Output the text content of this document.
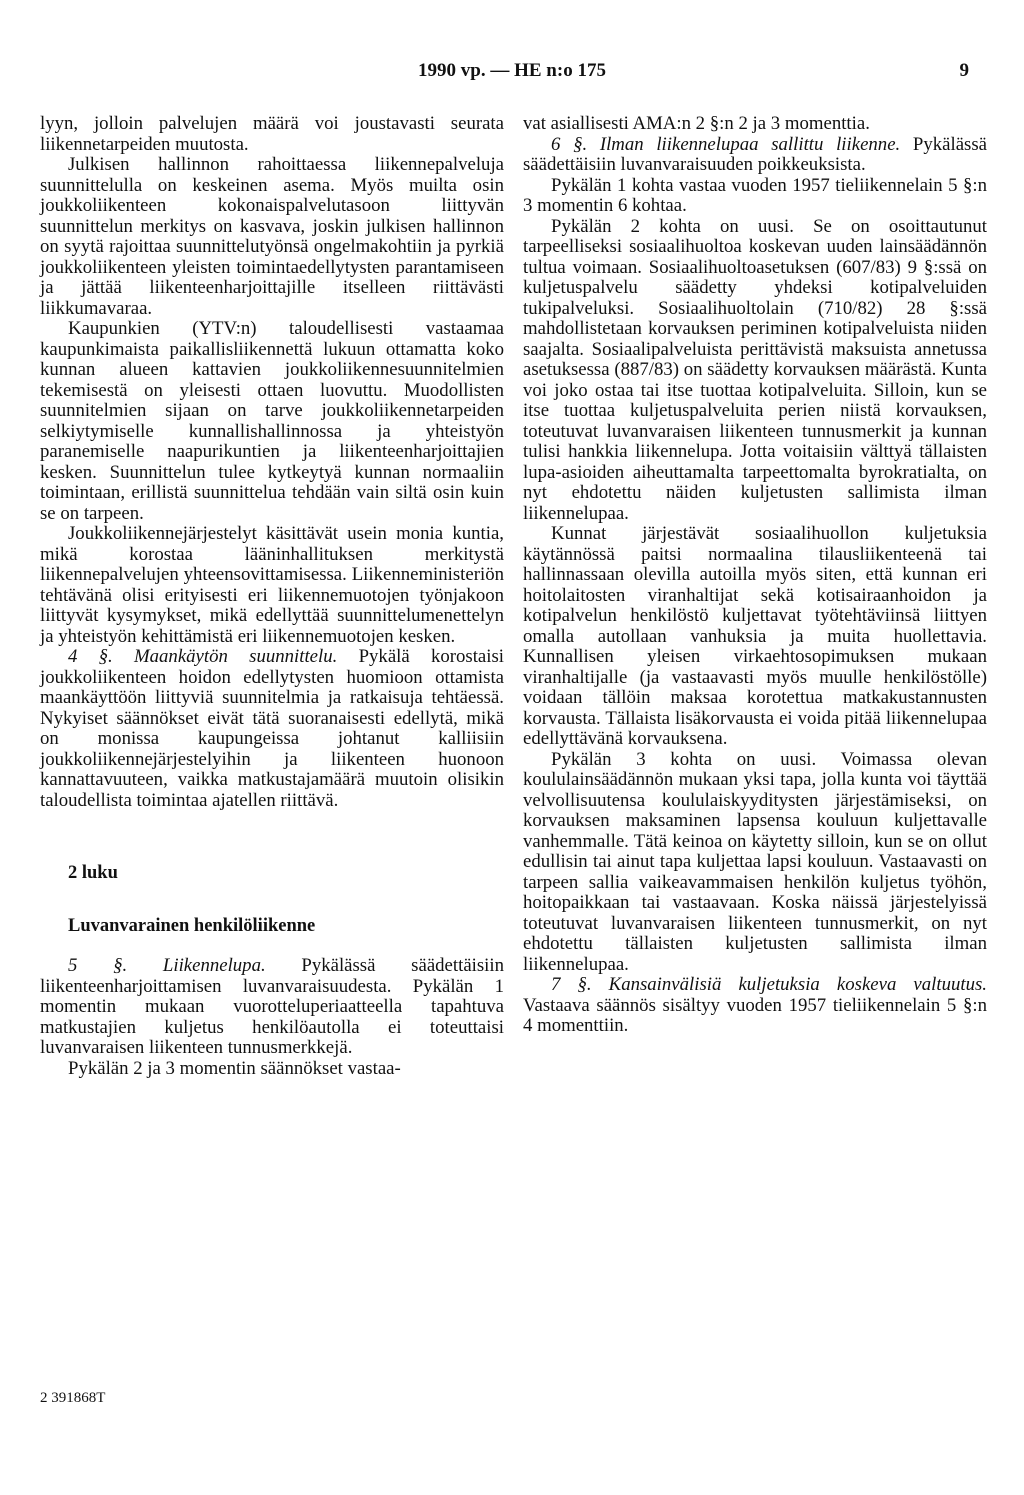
1990 vp. — HE n:o 175	9

lyyn, jolloin palvelujen määrä voi joustavasti seurata liikennetarpeiden muutosta.

Julkisen hallinnon rahoittaessa liikennepalveluja suunnittelulla on keskeinen asema. Myös muilta osin joukkoliikenteen kokonaispalvelutasoon liittyvän suunnittelun merkitys on kasvava, joskin julkisen hallinnon on syytä rajoittaa suunnittelutyönsä ongelmakohtiin ja pyrkiä joukkoliikenteen yleisten toimintaedellytysten parantamiseen ja jättää liikenteenharjoittajille itselleen riittävästi liikkumavaraa.

Kaupunkien (YTV:n) taloudellisesti vastaamaa kaupunkimaista paikallisliikennettä lukuun ottamatta koko kunnan alueen kattavien joukkoliikennesuunnitelmien tekemisestä on yleisesti ottaen luovuttu. Muodollisten suunnitelmien sijaan on tarve joukkoliikennetarpeiden selkiytymiselle kunnallishallinnossa ja yhteistyön paranemiselle naapurikuntien ja liikenteenharjoittajien kesken. Suunnittelun tulee kytkeytyä kunnan normaaliin toimintaan, erillistä suunnittelua tehdään vain siltä osin kuin se on tarpeen.

Joukkoliikennejärjestelyt käsittävät usein monia kuntia, mikä korostaa lääninhallituksen merkitystä liikennepalvelujen yhteensovittamisessa. Liikenneministeriön tehtävänä olisi erityisesti eri liikennemuotojen työnjakoon liittyvät kysymykset, mikä edellyttää suunnittelumenettelyn ja yhteistyön kehittämistä eri liikennemuotojen kesken.

4 §. Maankäytön suunnittelu. Pykälä korostaisi joukkoliikenteen hoidon edellytysten huomioon ottamista maankäyttöön liittyviä suunnitelmia ja ratkaisuja tehtäessä. Nykyiset säännökset eivät tätä suoranaisesti edellytä, mikä on monissa kaupungeissa johtanut kalliisiin joukkoliikennejärjestelyihin ja liikenteen huonoon kannattavuuteen, vaikka matkustajamäärä muutoin olisikin taloudellista toimintaa ajatellen riittävä.

2 luku

Luvanvarainen henkilöliikenne

5 §. Liikennelupa. Pykälässä säädettäisiin liikenteenharjoittamisen luvanvaraisuudesta. Pykälän 1 momentin mukaan vuorotteluperiaatteella tapahtuva matkustajien kuljetus henkilöautolla ei toteuttaisi luvanvaraisen liikenteen tunnusmerkkejä.

Pykälän 2 ja 3 momentin säännökset vastaa-

vat asiallisesti AMA:n 2 §:n 2 ja 3 momenttia.

6 §. Ilman liikennelupaa sallittu liikenne. Pykälässä säädettäisiin luvanvaraisuuden poikkeuksista.

Pykälän 1 kohta vastaa vuoden 1957 tieliikennelain 5 §:n 3 momentin 6 kohtaa.

Pykälän 2 kohta on uusi. Se on osoittautunut tarpeelliseksi sosiaalihuoltoa koskevan uuden lainsäädännön tultua voimaan. Sosiaalihuoltoasetuksen (607/83) 9 §:ssä on kuljetuspalvelu säädetty yhdeksi kotipalveluiden tukipalveluksi. Sosiaalihuoltolain (710/82) 28 §:ssä mahdollistetaan korvauksen periminen kotipalveluista niiden saajalta. Sosiaalipalveluista perittävistä maksuista annetussa asetuksessa (887/83) on säädetty korvauksen määrästä. Kunta voi joko ostaa tai itse tuottaa kotipalveluita. Silloin, kun se itse tuottaa kuljetuspalveluita perien niistä korvauksen, toteutuvat luvanvaraisen liikenteen tunnusmerkit ja kunnan tulisi hankkia liikennelupa. Jotta voitaisiin välttyä tällaisten lupa-asioiden aiheuttamalta tarpeettomalta byrokratialta, on nyt ehdotettu näiden kuljetusten sallimista ilman liikennelupaa.

Kunnat järjestävät sosiaalihuollon kuljetuksia käytännössä paitsi normaalina tilausliikenteenä tai hallinnassaan olevilla autoilla myös siten, että kunnan eri hoitolaitosten viranhaltijat sekä kotisairaanhoidon ja kotipalvelun henkilöstö kuljettavat työtehtäviinsä liittyen omalla autollaan vanhuksia ja muita huollettavia. Kunnallisen yleisen virkaehtosopimuksen mukaan viranhaltijalle (ja vastaavasti myös muulle henkilöstölle) voidaan tällöin maksaa korotettua matkakustannusten korvausta. Tällaista lisäkorvausta ei voida pitää liikennelupaa edellyttävänä korvauksena.

Pykälän 3 kohta on uusi. Voimassa olevan koululainsäädännön mukaan yksi tapa, jolla kunta voi täyttää velvollisuutensa koululaiskyyditysten järjestämiseksi, on korvauksen maksaminen lapsensa kouluun kuljettavalle vanhemmalle. Tätä keinoa on käytetty silloin, kun se on ollut edullisin tai ainut tapa kuljettaa lapsi kouluun. Vastaavasti on tarpeen sallia vaikeavammaisen henkilön kuljetus työhön, hoitopaikkaan tai vastaavaan. Koska näissä järjestelyissä toteutuvat luvanvaraisen liikenteen tunnusmerkit, on nyt ehdotettu tällaisten kuljetusten sallimista ilman liikennelupaa.

7 §. Kansainvälisiä kuljetuksia koskeva valtuutus. Vastaava säännös sisältyy vuoden 1957 tieliikennelain 5 §:n 4 momenttiin.

2 391868T
